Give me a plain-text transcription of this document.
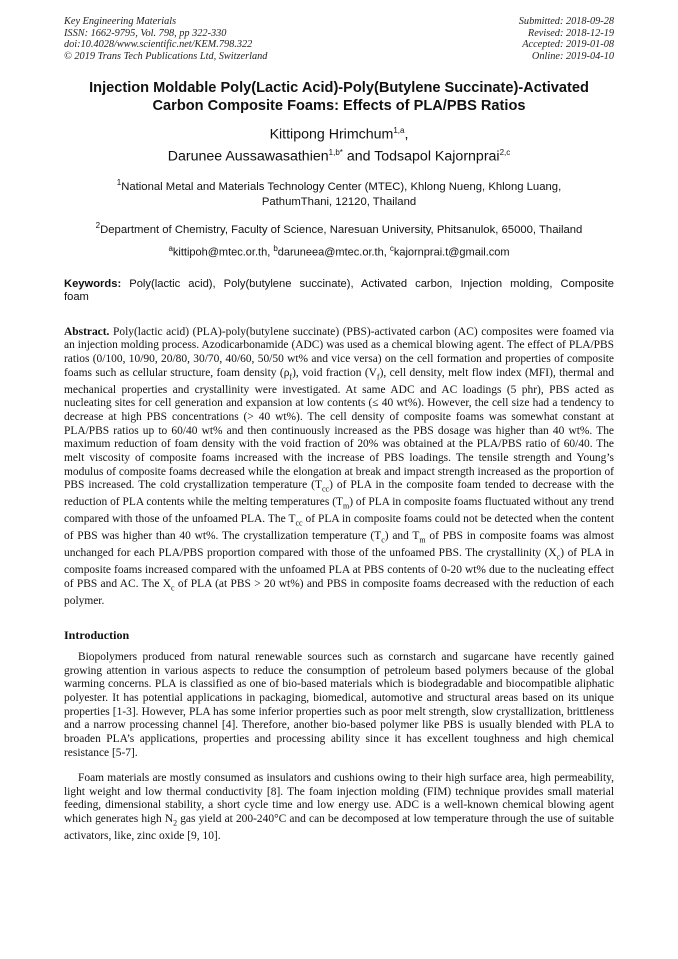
Key Engineering Materials
ISSN: 1662-9795, Vol. 798, pp 322-330
doi:10.4028/www.scientific.net/KEM.798.322
© 2019 Trans Tech Publications Ltd, Switzerland
Submitted: 2018-09-28
Revised: 2018-12-19
Accepted: 2019-01-08
Online: 2019-04-10
Injection Moldable Poly(Lactic Acid)-Poly(Butylene Succinate)-Activated
Carbon Composite Foams: Effects of PLA/PBS Ratios
Kittipong Hrimchum$^{1,a}$,
Darunee Aussawasathien$^{1,b*}$ and Todsapol Kajornprai$^{2,c}$
$^1$National Metal and Materials Technology Center (MTEC), Khlong Nueng, Khlong Luang,
PathumThani, 12120, Thailand
$^2$Department of Chemistry, Faculty of Science, Naresuan University, Phitsanulok, 65000, Thailand
$^a$kittipoh@mtec.or.th, $^b$daruneea@mtec.or.th, $^c$kajornprai.t@gmail.com
Keywords: Poly(lactic acid), Poly(butylene succinate), Activated carbon, Injection molding, Composite foam
Abstract. Poly(lactic acid) (PLA)-poly(butylene succinate) (PBS)-activated carbon (AC) composites were foamed via an injection molding process. Azodicarbonamide (ADC) was used as a chemical blowing agent. The effect of PLA/PBS ratios (0/100, 10/90, 20/80, 30/70, 40/60, 50/50 wt% and vice versa) on the cell formation and properties of composite foams such as cellular structure, foam density $(\rho_f)$, void fraction $(V_f)$, cell density, melt flow index (MFI), thermal and mechanical properties and crystallinity were investigated. At same ADC and AC loadings (5 phr), PBS acted as nucleating sites for cell generation and expansion at low contents (≤ 40 wt%). However, the cell size had a tendency to decrease at high PBS concentrations (> 40 wt%). The cell density of composite foams was somewhat constant at PLA/PBS ratios up to 60/40 wt% and then continuously increased as the PBS dosage was higher than 40 wt%. The maximum reduction of foam density with the void fraction of 20% was obtained at the PLA/PBS ratio of 60/40. The melt viscosity of composite foams increased with the increase of PBS loadings. The tensile strength and Young’s modulus of composite foams decreased while the elongation at break and impact strength increased as the proportion of PBS increased. The cold crystallization temperature $(T_{cc})$ of PLA in the composite foam tended to decrease with the reduction of PLA contents while the melting temperatures $(T_m)$ of PLA in composite foams fluctuated without any trend compared with those of the unfoamed PLA. The $T_{cc}$ of PLA in composite foams could not be detected when the content of PBS was higher than 40 wt%. The crystallization temperature $(T_c)$ and $T_m$ of PBS in composite foams was almost unchanged for each PLA/PBS proportion compared with those of the unfoamed PBS. The crystallinity $(X_c)$ of PLA in composite foams increased compared with the unfoamed PLA at PBS contents of 0-20 wt% due to the nucleating effect of PBS and AC. The $X_c$ of PLA (at PBS > 20 wt%) and PBS in composite foams decreased with the reduction of each polymer.
Introduction

Biopolymers produced from natural renewable sources such as cornstarch and sugarcane have recently gained growing attention in various aspects to reduce the consumption of petroleum based polymers because of the global warming concerns. PLA is classified as one of bio-based materials which is biodegradable and biocompatible aliphatic polyester. It has potential applications in packaging, biomedical, automotive and structural areas based on its unique properties [1-3]. However, PLA has some inferior properties such as poor melt strength, slow crystallization, brittleness and a narrow processing channel [4]. Therefore, another bio-based polymer like PBS is usually blended with PLA to broaden PLA’s applications, properties and processing ability since it has excellent toughness and high chemical resistance [5-7].

Foam materials are mostly consumed as insulators and cushions owing to their high surface area, high permeability, light weight and low thermal conductivity [8]. The foam injection molding (FIM) technique provides small material feeding, dimensional stability, a short cycle time and low energy use. ADC is a well-known chemical blowing agent which generates high $N_2$ gas yield at 200-240°C and can be decomposed at low temperature through the use of suitable activators, like, zinc oxide [9, 10].
